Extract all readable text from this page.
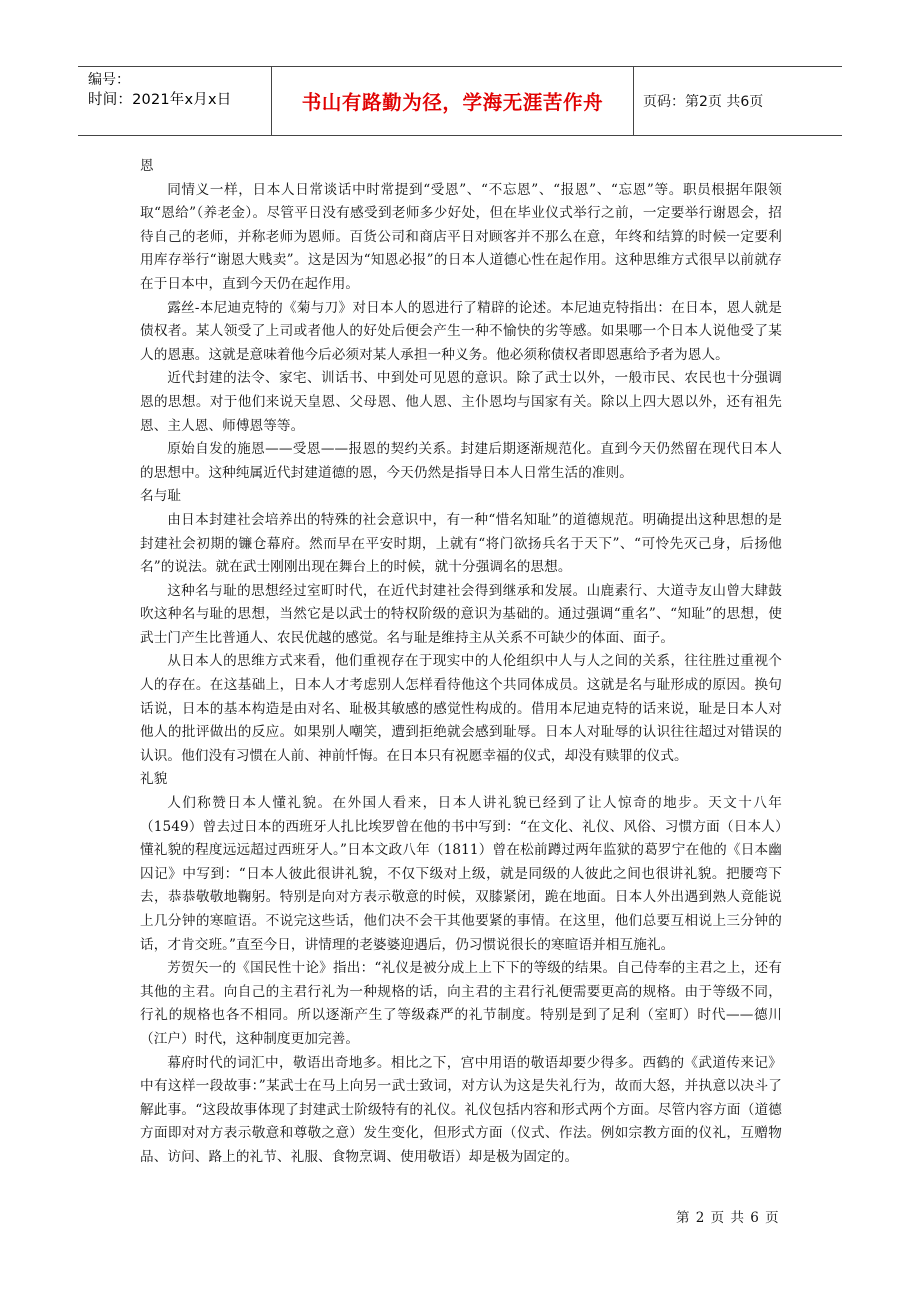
编号：
时间：2021年x月x日	书山有路勤为径，学海无涯苦作舟	页码：第2页 共6页
恩

同情义一样，日本人日常谈话中时常提到“受恩”、“不忘恩”、“报恩”、“忘恩”等。职员根据年限领取“恩给”（养老金）。尽管平日没有感受到老师多少好处，但在毕业仪式举行之前，一定要举行谢恩会，招待自己的老师，并称老师为恩师。百货公司和商店平日对顾客并不那么在意，年终和结算的时候一定要利用库存举行“谢恩大贱卖”。这是因为“知恩必报”的日本人道德心性在起作用。这种思维方式很早以前就存在于日本中，直到今天仍在起作用。

露丝-本尼迪克特的《菊与刀》对日本人的恩进行了精辟的论述。本尼迪克特指出：在日本，恩人就是债权者。某人领受了上司或者他人的好处后便会产生一种不愉快的劣等感。如果哪一个日本人说他受了某人的恩惠。这就是意味着他今后必须对某人承担一种义务。他必须称债权者即恩惠给予者为恩人。

近代封建的法令、家宅、训话书、中到处可见恩的意识。除了武士以外，一般市民、农民也十分强调恩的思想。对于他们来说天皇恩、父母恩、他人恩、主仆恩均与国家有关。除以上四大恩以外，还有祖先恩、主人恩、师傅恩等等。

原始自发的施恩——受恩——报恩的契约关系。封建后期逐渐规范化。直到今天仍然留在现代日本人的思想中。这种纯属近代封建道德的恩，今天仍然是指导日本人日常生活的准则。

名与耻

由日本封建社会培养出的特殊的社会意识中，有一种“惜名知耻”的道德规范。明确提出这种思想的是封建社会初期的镰仓幕府。然而早在平安时期，上就有“将门欲扬兵名于天下”、“可怜先灭己身，后扬他名”的说法。就在武士刚刚出现在舞台上的时候，就十分强调名的思想。

这种名与耻的思想经过室町时代，在近代封建社会得到继承和发展。山鹿素行、大道寺友山曾大肆鼓吹这种名与耻的思想，当然它是以武士的特权阶级的意识为基础的。通过强调“重名”、“知耻”的思想，使武士门产生比普通人、农民优越的感觉。名与耻是维持主从关系不可缺少的体面、面子。

从日本人的思维方式来看，他们重视存在于现实中的人伦组织中人与人之间的关系，往往胜过重视个人的存在。在这基础上，日本人才考虑别人怎样看待他这个共同体成员。这就是名与耻形成的原因。换句话说，日本的基本构造是由对名、耻极其敏感的感觉性构成的。借用本尼迪克特的话来说，耻是日本人对他人的批评做出的反应。如果别人嘲笑，遭到拒绝就会感到耻辱。日本人对耻辱的认识往往超过对错误的认识。他们没有习惯在人前、神前忏悔。在日本只有祝愿幸福的仪式，却没有赎罪的仪式。

礼貌

人们称赞日本人懂礼貌。在外国人看来，日本人讲礼貌已经到了让人惊奇的地步。天文十八年（1549）曾去过日本的西班牙人扎比埃罗曾在他的书中写到：“在文化、礼仪、风俗、习惯方面（日本人）懂礼貌的程度远远超过西班牙人。”日本文政八年（1811）曾在松前蹲过两年监狱的葛罗宁在他的《日本幽囚记》中写到：“日本人彼此很讲礼貌，不仅下级对上级，就是同级的人彼此之间也很讲礼貌。把腰弯下去，恭恭敬敬地鞠躬。特别是向对方表示敬意的时候，双膝紧闭，跪在地面。日本人外出遇到熟人竟能说上几分钟的寒暄语。不说完这些话，他们决不会干其他要紧的事情。在这里，他们总要互相说上三分钟的话，才肯交班。”直至今日，讲情理的老婆婆迎遇后，仍习惯说很长的寒暄语并相互施礼。

芳贺矢一的《国民性十论》指出：“礼仪是被分成上上下下的等级的结果。自己侍奉的主君之上，还有其他的主君。向自己的主君行礼为一种规格的话，向主君的主君行礼便需要更高的规格。由于等级不同，行礼的规格也各不相同。所以逐渐产生了等级森严的礼节制度。特别是到了足利（室町）时代——德川（江户）时代，这种制度更加完善。

幕府时代的词汇中，敬语出奇地多。相比之下，宫中用语的敬语却要少得多。西鹤的《武道传来记》中有这样一段故事：”某武士在马上向另一武士致词，对方认为这是失礼行为，故而大怒，并执意以决斗了解此事。“这段故事体现了封建武士阶级特有的礼仪。礼仪包括内容和形式两个方面。尽管内容方面（道德方面即对对方表示敬意和尊敬之意）发生变化，但形式方面（仪式、作法。例如宗教方面的仪礼，互赠物品、访问、路上的礼节、礼服、食物烹调、使用敬语）却是极为固定的。

第 2 页 共 6 页
